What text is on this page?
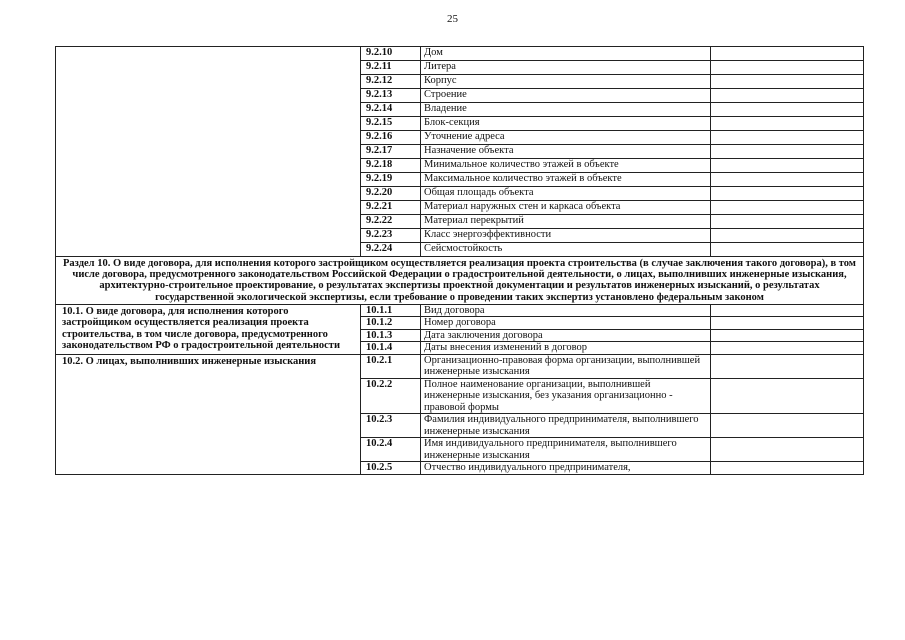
25
	9.2.10	Дом	
	9.2.11	Литера	
	9.2.12	Корпус	
	9.2.13	Строение	
	9.2.14	Владение	
	9.2.15	Блок-секция	
	9.2.16	Уточнение адреса	
	9.2.17	Назначение объекта	
	9.2.18	Минимальное количество этажей в объекте	
	9.2.19	Максимальное количество этажей в объекте	
	9.2.20	Общая площадь объекта	
	9.2.21	Материал наружных стен и каркаса объекта	
	9.2.22	Материал перекрытий	
	9.2.23	Класс энергоэффективности	
	9.2.24	Сейсмостойкость	
Раздел 10. О виде договора, для исполнения которого застройщиком осуществляется реализация проекта строительства (в случае заключения такого договора), в том числе договора, предусмотренного законодательством Российской Федерации о градостроительной деятельности, о лицах, выполнивших инженерные изыскания, архитектурно-строительное проектирование, о результатах экспертизы проектной документации и результатов инженерных изысканий, о результатах государственной экологической экспертизы, если требование о проведении таких экспертиз установлено федеральным законом			
10.1. О виде договора, для исполнения которого застройщиком осуществляется реализация проекта строительства, в том числе договора, предусмотренного законодательством РФ о градостроительной деятельности	10.1.1	Вид договора	
	10.1.2	Номер договора	
	10.1.3	Дата заключения договора	
	10.1.4	Даты внесения изменений в договор	
10.2. О лицах, выполнивших инженерные изыскания	10.2.1	Организационно-правовая форма организации, выполнившей инженерные изыскания	
	10.2.2	Полное наименование организации, выполнившей инженерные изыскания, без указания организационно - правовой формы	
	10.2.3	Фамилия индивидуального предпринимателя, выполнившего инженерные изыскания	
	10.2.4	Имя индивидуального предпринимателя, выполнившего инженерные изыскания	
	10.2.5	Отчество индивидуального предпринимателя,	
